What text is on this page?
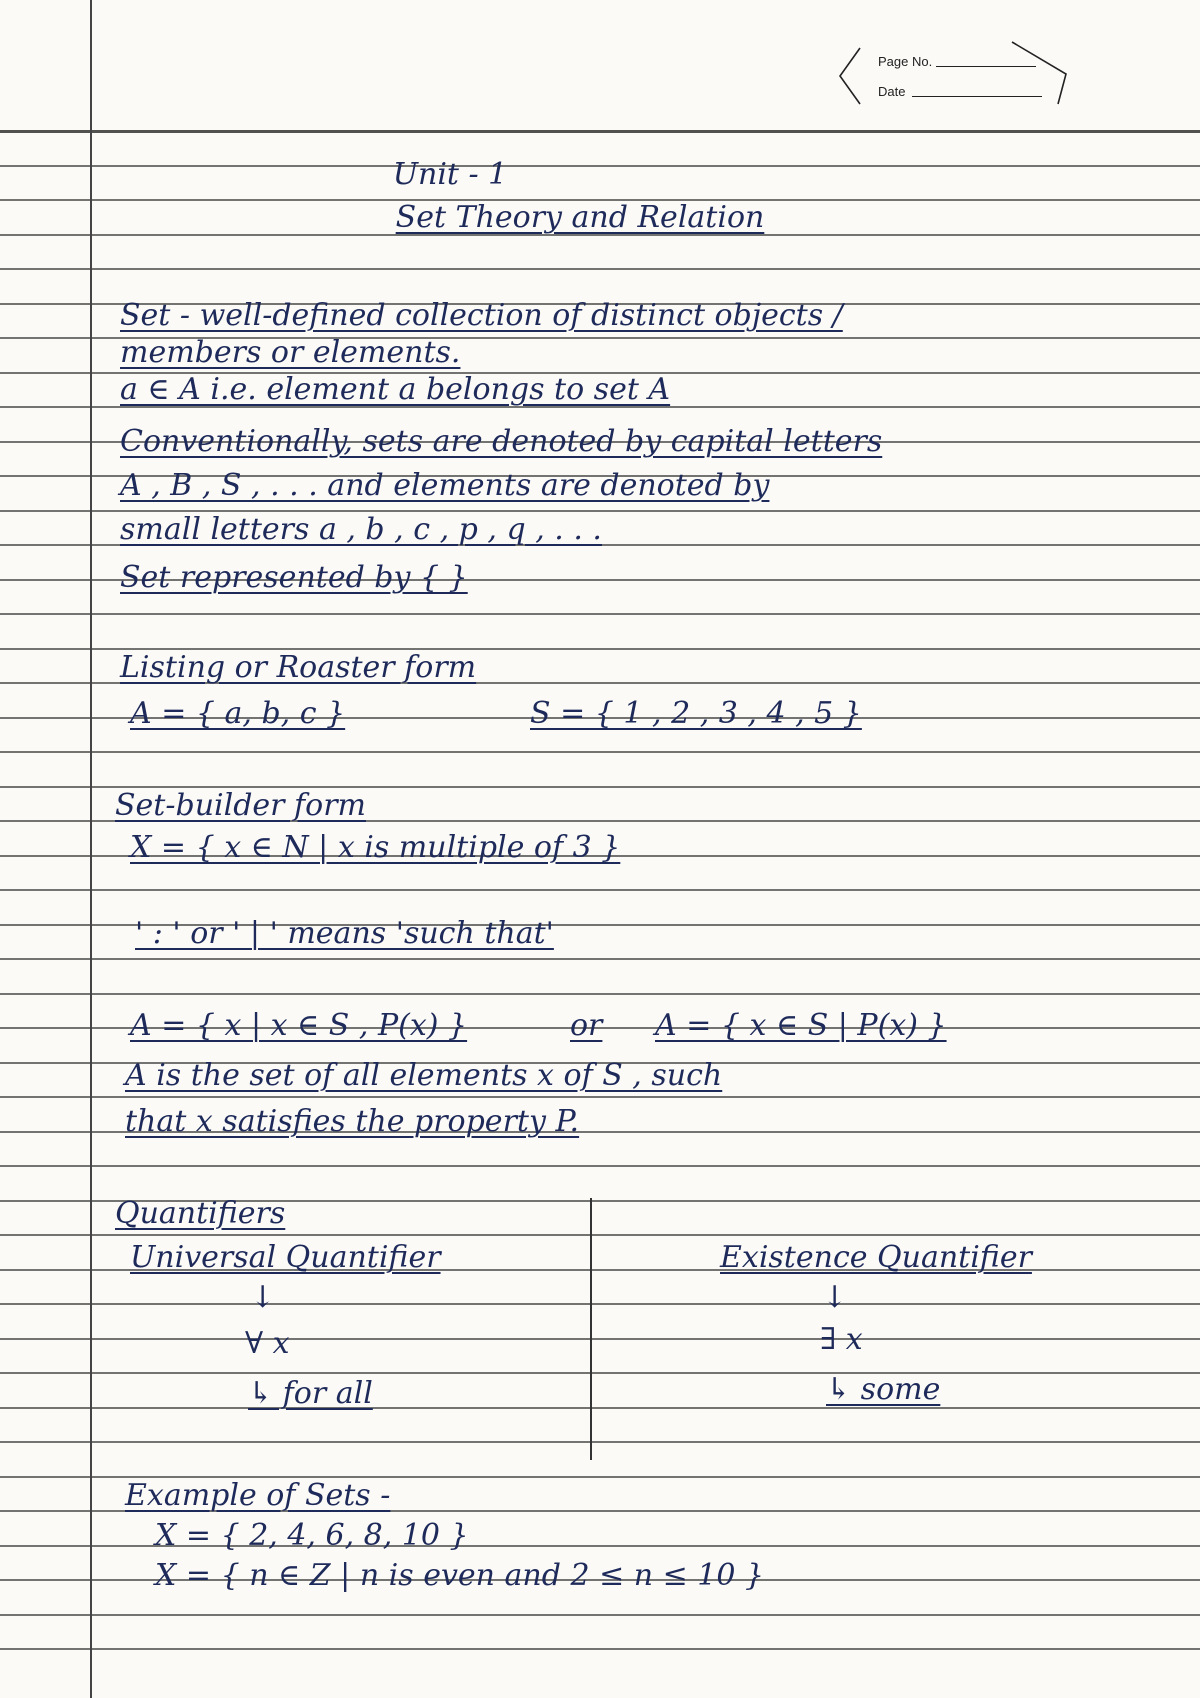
Page No.
Date
Unit - 1
Set Theory and Relation
Set - well-defined collection of distinct objects /
members or elements.
a ∈ A i.e. element a belongs to set A
Conventionally, sets are denoted by capital letters
A , B , S , . . . and elements are denoted by
small letters a , b , c , p , q , . . .
Set represented by { }
Listing or Roaster form
A = { a, b, c }	S = { 1 , 2 , 3 , 4 , 5 }
Set-builder form
X = { x ∈ N | x is multiple of 3 }
' : ' or ' | ' means 'such that'
A = { x | x ∈ S , P(x) }	or A = { x ∈ S | P(x) }
A is the set of all elements x of S , such
that x satisfies the property P.
Quantifiers
Universal Quantifier
↓
∀ x
↳ for all
Existence Quantifier
↓
∃ x
↳ some
Example of Sets -
X = { 2, 4, 6, 8, 10 }
X = { n ∈ Z | n is even and 2 ≤ n ≤ 10 }
